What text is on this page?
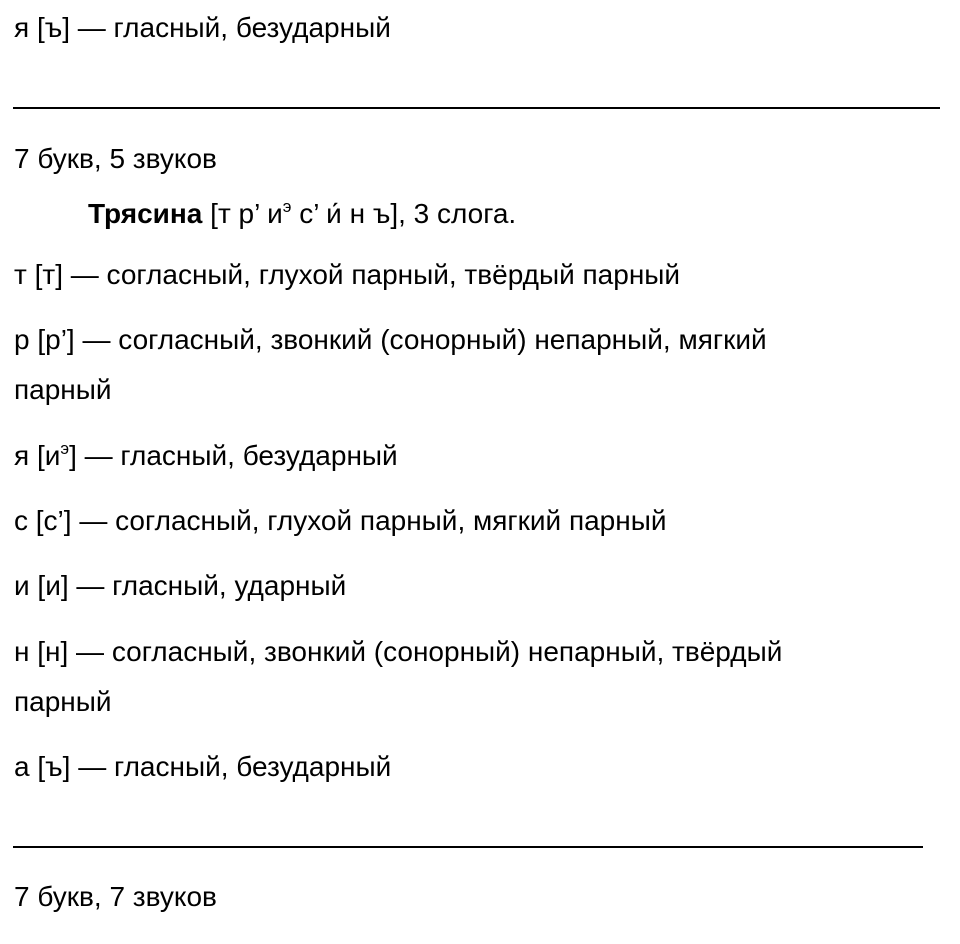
я [ъ] — гласный, безударный
7 букв, 5 звуков
Трясина [т р’ $и^э$ с’ и́ н ъ], 3 слога.
т [т] — согласный, глухой парный, твёрдый парный
р [р’] — согласный, звонкий (сонорный) непарный, мягкий
парный
я $[и^э]$ — гласный, безударный
с [с’] — согласный, глухой парный, мягкий парный
и [и] — гласный, ударный
н [н] — согласный, звонкий (сонорный) непарный, твёрдый
парный
а [ъ] — гласный, безударный
7 букв, 7 звуков
